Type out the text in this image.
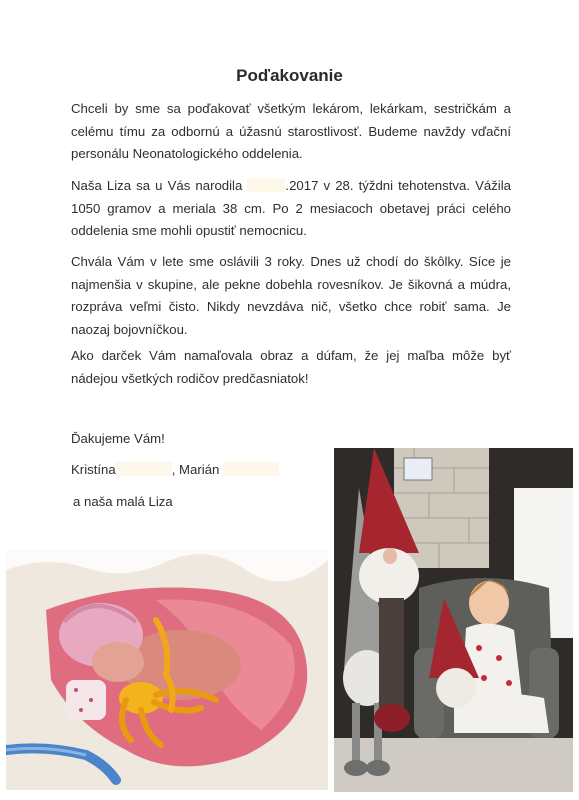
Poďakovanie
Chceli by sme sa poďakovať všetkým lekárom, lekárkam, sestričkám a celému tímu za odbornú a úžasnú starostlivosť. Budeme navždy vďační personálu Neonatologického oddelenia.
Naša Liza sa u Vás narodila	.2017 v 28. týždni tehotenstva. Vážila 1050 gramov a meriala 38 cm. Po 2 mesiacoch obetavej práci celého oddelenia sme mohli opustiť nemocnicu.
Chvála Vám v lete sme oslávili 3 roky. Dnes už chodí do škôlky. Síce je najmenšia v skupine, ale pekne dobehla rovesníkov. Je šikovná a múdra, rozpráva veľmi čisto. Nikdy nevzdáva nič, všetko chce robiť sama. Je naozaj bojovníčkou.
Ako darček Vám namaľovala obraz a dúfam, že jej maľba môže byť nádejou všetkých rodičov predčasniatok!
Ďakujeme Vám!
Kristína	, Marián
a naša malá Liza
